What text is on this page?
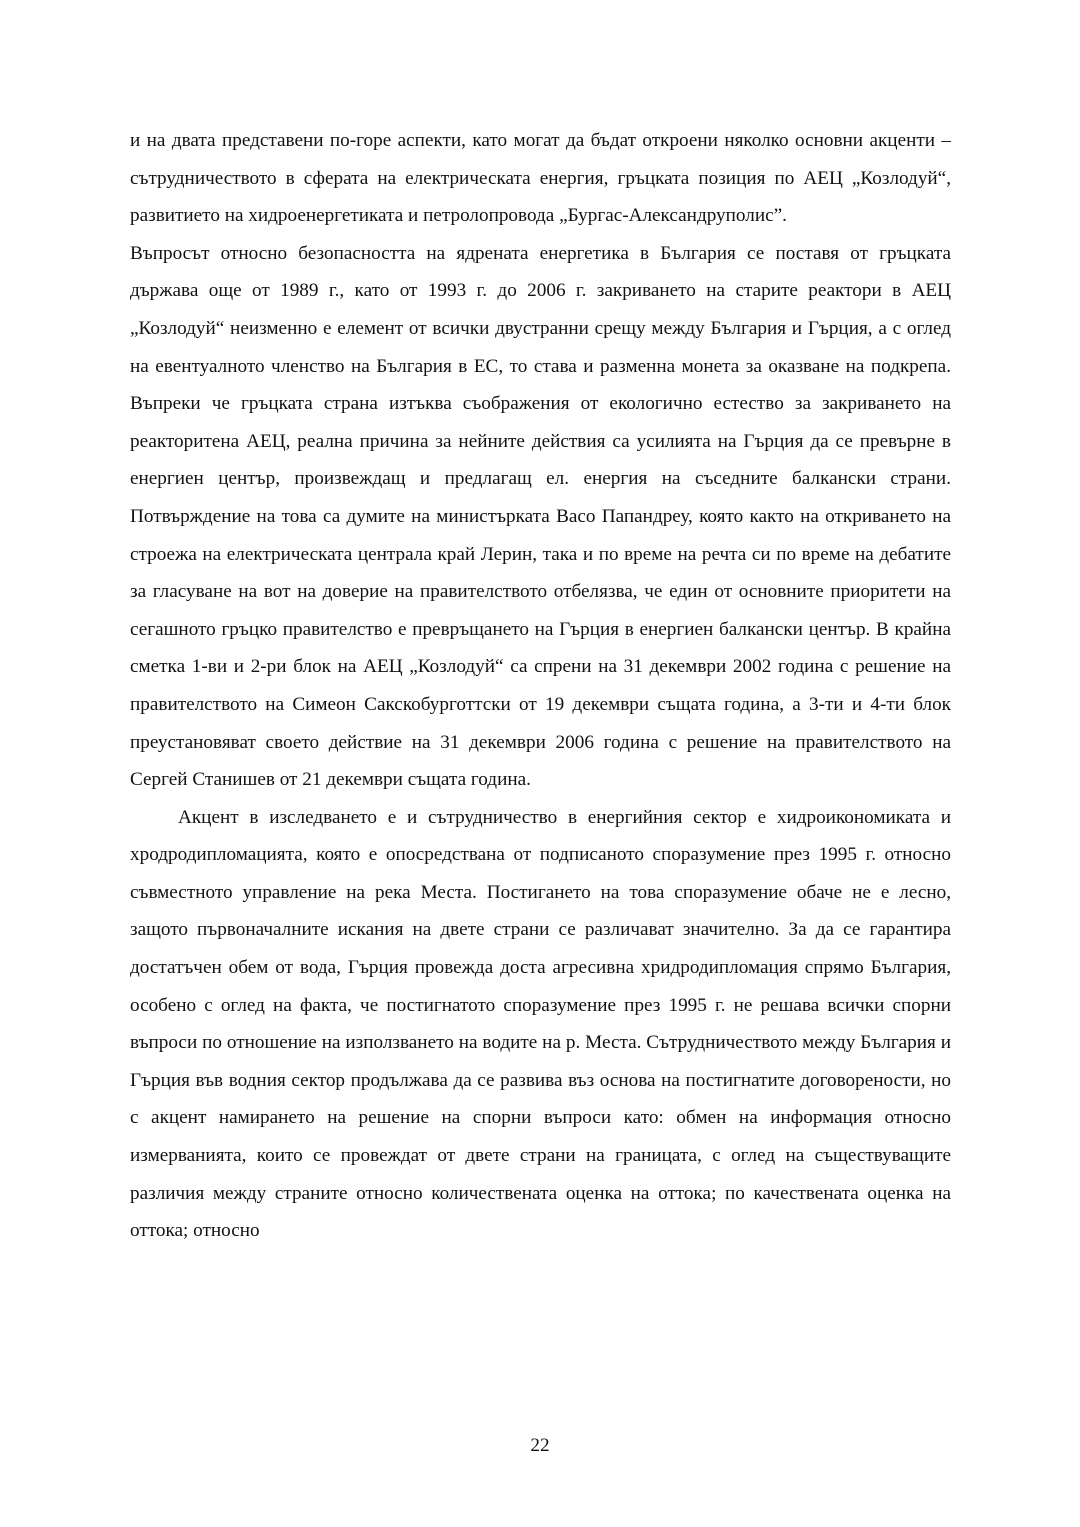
и на двата представени по-горе аспекти, като могат да бъдат откроени няколко основни акценти – сътрудничеството в сферата на електрическата енергия, гръцката позиция по АЕЦ „Козлодуй“, развитието на хидроенергетиката и петролопровода „Бургас-Александруполис”.

Въпросът относно безопасността на ядрената енергетика в България се поставя от гръцката държава още от 1989 г., като от 1993 г. до 2006 г. закриването на старите реактори в АЕЦ „Козлодуй“ неизменно е елемент от всички двустранни срещу между България и Гърция, а с оглед на евентуалното членство на България в ЕС, то става и разменна монета за оказване на подкрепа. Въпреки че гръцката страна изтъква съображения от екологично естество за закриването на реакторитена АЕЦ, реална причина за нейните действия са усилията на Гърция да се превърне в енергиен център, произвеждащ и предлагащ ел. енергия на съседните балкански страни. Потвърждение на това са думите на министърката Васо Папандреу, която както на откриването на строежа на електрическата централа край Лерин, така и по време на речта си по време на дебатите за гласуване на вот на доверие на правителството отбелязва, че един от основните приоритети на сегашното гръцко правителство е превръщането на Гърция в енергиен балкански център. В крайна сметка 1-ви и 2-ри блок на АЕЦ „Козлодуй“ са спрени на 31 декември 2002 година с решение на правителството на Симеон Сакскобурготтски от 19 декември същата година, а 3-ти и 4-ти блок преустановяват своето действие на 31 декември 2006 година с решение на правителството на Сергей Станишев от 21 декември същата година.

Акцент в изследването е и сътрудничество в енергийния сектор е хидроикономиката и хродродипломацията, която е опосредствана от подписаното споразумение през 1995 г. относно съвместното управление на река Места. Постигането на това споразумение обаче не е лесно, защото първоначалните искания на двете страни се различават значително. За да се гарантира достатъчен обем от вода, Гърция провежда доста агресивна хридродипломация спрямо България, особено с оглед на факта, че постигнатото споразумение през 1995 г. не решава всички спорни въпроси по отношение на използването на водите на р. Места. Сътрудничеството между България и Гърция във водния сектор продължава да се развива въз основа на постигнатите договорености, но с акцент намирането на решение на спорни въпроси като: обмен на информация относно измерванията, които се провеждат от двете страни на границата, с оглед на съществуващите различия между страните относно количествената оценка на оттока; по качествената оценка на оттока; относно

22
